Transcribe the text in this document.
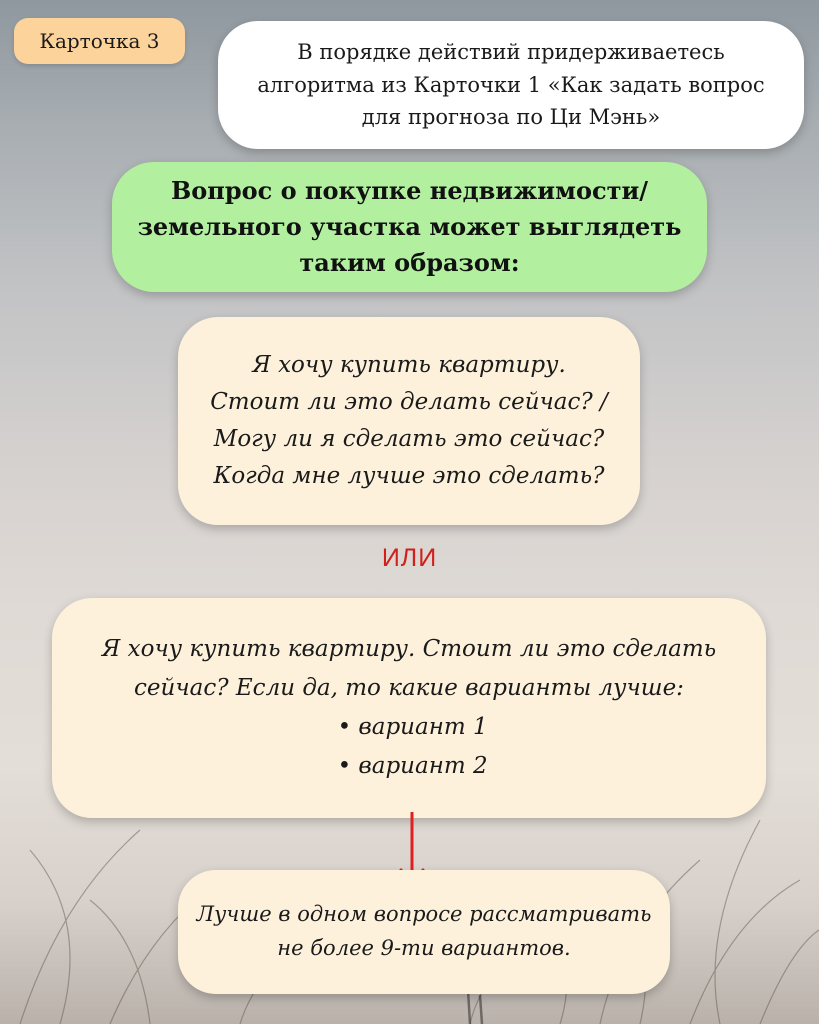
Карточка 3	В порядке действий придерживаетесь
алгоритма из Карточки 1 «Как задать вопрос
для прогноза по Ци Мэнь»
Вопрос о покупке недвижимости/
земельного участка может выглядеть
таким образом:
Я хочу купить квартиру.
Стоит ли это делать сейчас? /
Могу ли я сделать это сейчас?
Когда мне лучше это сделать?
ИЛИ
Я хочу купить квартиру. Стоит ли это сделать
сейчас? Если да, то какие варианты лучше:
• вариант 1
• вариант 2
Лучше в одном вопросе рассматривать
не более 9-ти вариантов.
